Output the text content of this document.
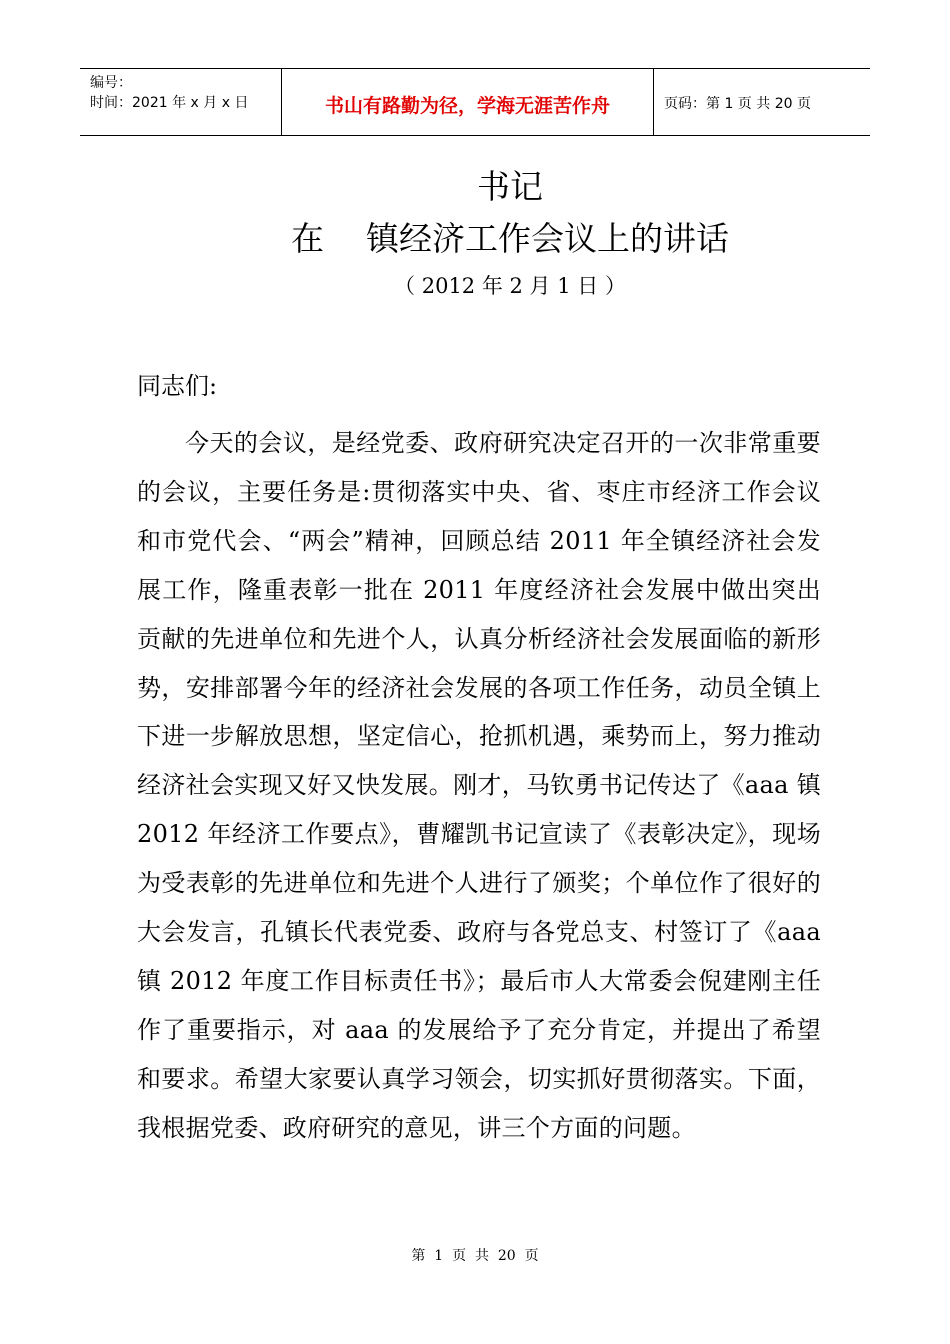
编号：
时间：2021 年 x 月 x 日	书山有路勤为径，学海无涯苦作舟	页码：第 1 页 共 20 页
书记
在    镇经济工作会议上的讲话
（ 2012 年 2 月 1 日 ）
同志们:
今天的会议，是经党委、政府研究决定召开的一次非常重要的会议，主要任务是:贯彻落实中央、省、枣庄市经济工作会议和市党代会、“两会”精神，回顾总结 2011 年全镇经济社会发展工作，隆重表彰一批在 2011 年度经济社会发展中做出突出贡献的先进单位和先进个人，认真分析经济社会发展面临的新形势，安排部署今年的经济社会发展的各项工作任务，动员全镇上下进一步解放思想，坚定信心，抢抓机遇，乘势而上，努力推动经济社会实现又好又快发展。刚才，马钦勇书记传达了《aaa 镇 2012 年经济工作要点》，曹耀凯书记宣读了《表彰决定》，现场为受表彰的先进单位和先进个人进行了颁奖；个单位作了很好的大会发言，孔镇长代表党委、政府与各党总支、村签订了《aaa 镇 2012 年度工作目标责任书》；最后市人大常委会倪建刚主任作了重要指示，对 aaa 的发展给予了充分肯定，并提出了希望和要求。希望大家要认真学习领会，切实抓好贯彻落实。下面，我根据党委、政府研究的意见，讲三个方面的问题。
第  1  页  共  20  页
